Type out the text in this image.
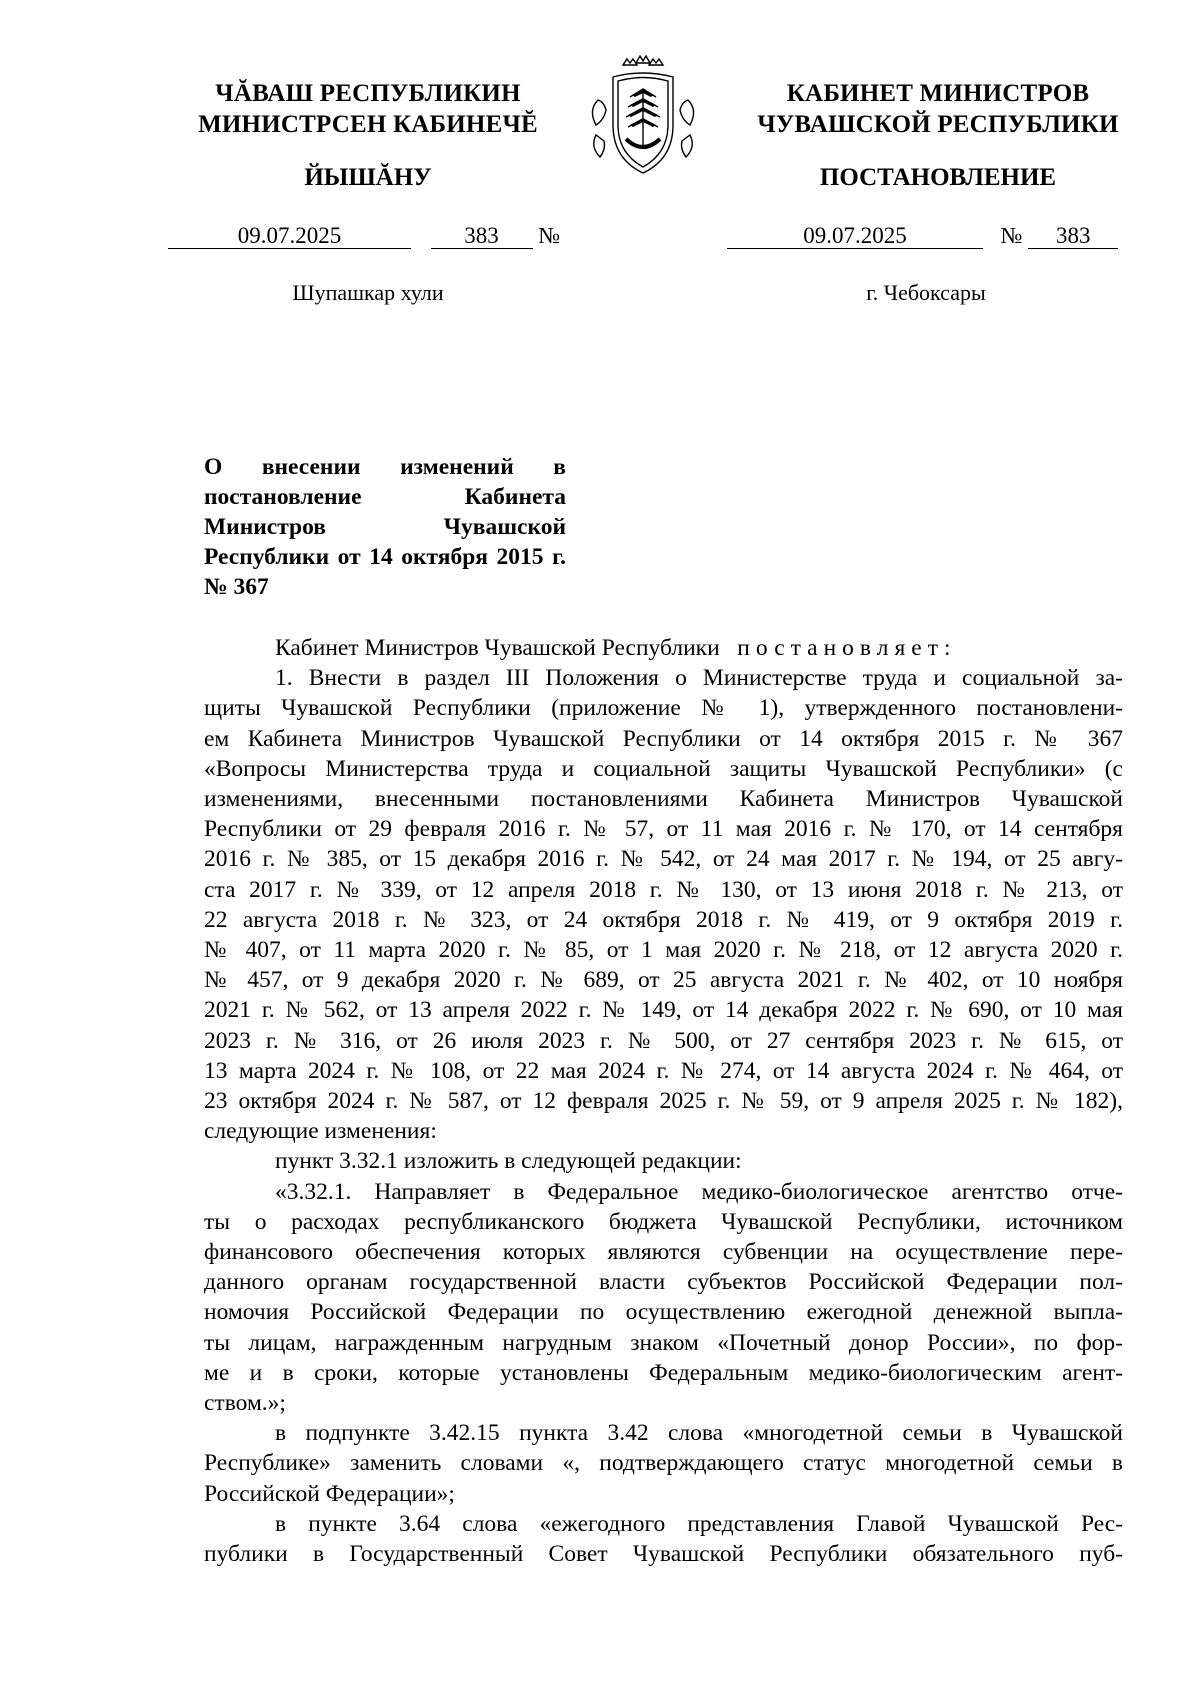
ЧĂВАШ РЕСПУБЛИКИН
МИНИСТРСЕН КАБИНЕЧĔ
ЙЫШĂНУ
КАБИНЕТ МИНИСТРОВ
ЧУВАШСКОЙ РЕСПУБЛИКИ
ПОСТАНОВЛЕНИЕ
09.07.2025	383 №	09.07.2025	№ 383
Шупашкар хули	г. Чебоксары
О внесении изменений в постановление Кабинета Министров Чувашской Республики от 14 октября 2015 г. № 367

Кабинет Министров Чувашской Республики постановляет:

1. Внести в раздел III Положения о Министерстве труда и социальной за-

щиты Чувашской Республики (приложение № 1), утвержденного постановлени-

ем Кабинета Министров Чувашской Республики от 14 октября 2015 г. № 367

«Вопросы Министерства труда и социальной защиты Чувашской Республики» (с

изменениями, внесенными постановлениями Кабинета Министров Чувашской

Республики от 29 февраля 2016 г. № 57, от 11 мая 2016 г. № 170, от 14 сентября

2016 г. № 385, от 15 декабря 2016 г. № 542, от 24 мая 2017 г. № 194, от 25 авгу-

ста 2017 г. № 339, от 12 апреля 2018 г. № 130, от 13 июня 2018 г. № 213, от

22 августа 2018 г. № 323, от 24 октября 2018 г. № 419, от 9 октября 2019 г.

№ 407, от 11 марта 2020 г. № 85, от 1 мая 2020 г. № 218, от 12 августа 2020 г.

№ 457, от 9 декабря 2020 г. № 689, от 25 августа 2021 г. № 402, от 10 ноября

2021 г. № 562, от 13 апреля 2022 г. № 149, от 14 декабря 2022 г. № 690, от 10 мая

2023 г. № 316, от 26 июля 2023 г. № 500, от 27 сентября 2023 г. № 615, от

13 марта 2024 г. № 108, от 22 мая 2024 г. № 274, от 14 августа 2024 г. № 464, от

23 октября 2024 г. № 587, от 12 февраля 2025 г. № 59, от 9 апреля 2025 г. № 182),

следующие изменения:

пункт 3.32.1 изложить в следующей редакции:

«3.32.1. Направляет в Федеральное медико-биологическое агентство отче-

ты о расходах республиканского бюджета Чувашской Республики, источником

финансового обеспечения которых являются субвенции на осуществление пере-

данного органам государственной власти субъектов Российской Федерации пол-

номочия Российской Федерации по осуществлению ежегодной денежной выпла-

ты лицам, награжденным нагрудным знаком «Почетный донор России», по фор-

ме и в сроки, которые установлены Федеральным медико-биологическим агент-

ством.»;

в подпункте 3.42.15 пункта 3.42 слова «многодетной семьи в Чувашской

Республике» заменить словами «, подтверждающего статус многодетной семьи в

Российской Федерации»;

в пункте 3.64 слова «ежегодного представления Главой Чувашской Рес-

публики в Государственный Совет Чувашской Республики обязательного пуб-
